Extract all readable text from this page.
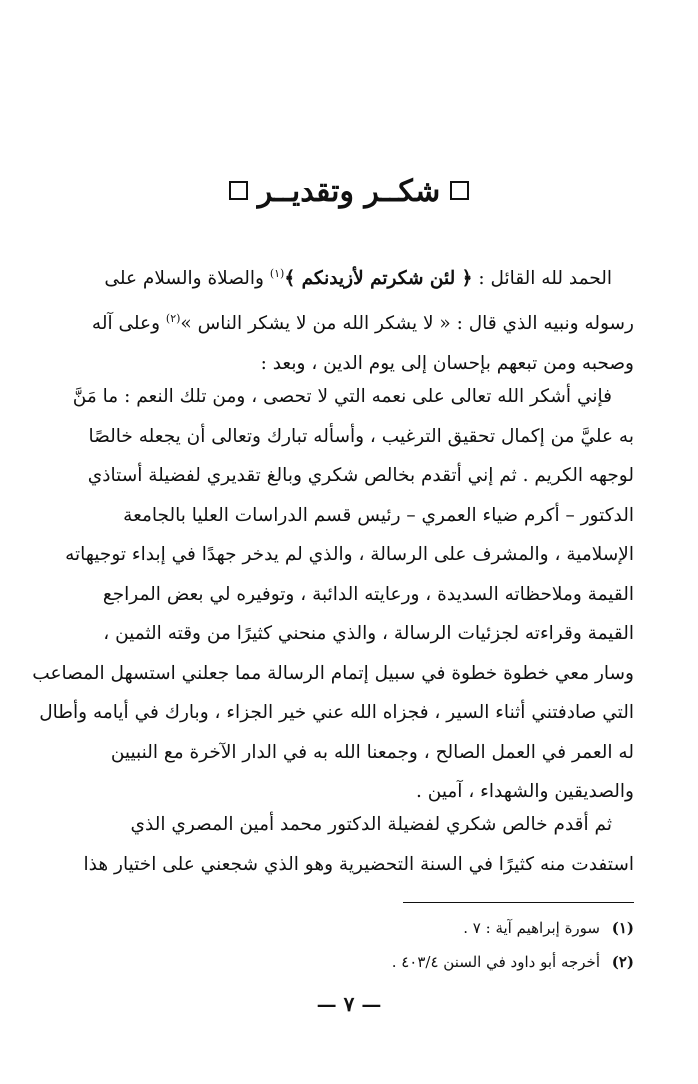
شكــر وتقديــر
الحمد لله القائل : ﴿ لئن شكرتم لأزيدنكم ﴾$^{(١)}$ والصلاة والسلام على
رسوله ونبيه الذي قال : « لا يشكر الله من لا يشكر الناس »$^{(٢)}$ وعلى آله
وصحبه ومن تبعهم بإحسان إلى يوم الدين ، وبعد :
فإني أشكر الله تعالى على نعمه التي لا تحصى ، ومن تلك النعم : ما مَنَّ
به عليَّ من إكمال تحقيق الترغيب ، وأسأله تبارك وتعالى أن يجعله خالصًا
لوجهه الكريم . ثم إني أتقدم بخالص شكري وبالغ تقديري لفضيلة أستاذي
الدكتور – أكرم ضياء العمري – رئيس قسم الدراسات العليا بالجامعة
الإسلامية ، والمشرف على الرسالة ، والذي لم يدخر جهدًا في إبداء توجيهاته
القيمة وملاحظاته السديدة ، ورعايته الدائبة ، وتوفيره لي بعض المراجع
القيمة وقراءته لجزئيات الرسالة ، والذي منحني كثيرًا من وقته الثمين ،
وسار معي خطوة خطوة في سبيل إتمام الرسالة مما جعلني استسهل المصاعب
التي صادفتني أثناء السير ، فجزاه الله عني خير الجزاء ، وبارك في أيامه وأطال
له العمر في العمل الصالح ، وجمعنا الله به في الدار الآخرة مع النبيين
والصديقين والشهداء ، آمين .
ثم أقدم خالص شكري لفضيلة الدكتور محمد أمين المصري الذي
استفدت منه كثيرًا في السنة التحضيرية وهو الذي شجعني على اختيار هذا
(١)سورة إبراهيم آية : ٧ .
(٢)أخرجه أبو داود في السنن ٤٠٣/٤ .
— ٧ —
